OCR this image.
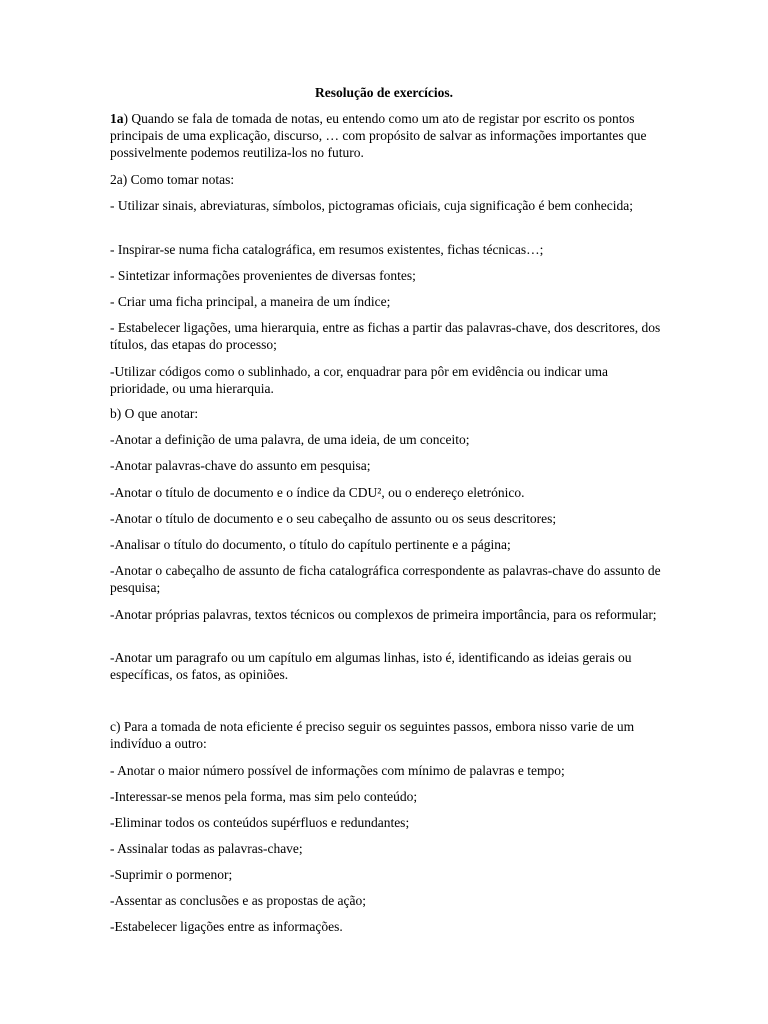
Resolução de exercícios.

1a) Quando se fala de tomada de notas, eu entendo como um ato de registar por escrito os pontos principais de uma explicação, discurso, … com propósito de salvar as informações importantes que possivelmente podemos reutiliza-los no futuro.

2a) Como tomar notas:

- Utilizar sinais, abreviaturas, símbolos, pictogramas oficiais, cuja significação é bem conhecida;

- Inspirar-se numa ficha catalográfica, em resumos existentes, fichas técnicas…;

- Sintetizar informações provenientes de diversas fontes;

- Criar uma ficha principal, a maneira de um índice;

- Estabelecer ligações, uma hierarquia, entre as fichas a partir das palavras-chave, dos descritores, dos títulos, das etapas do processo;

-Utilizar códigos como o sublinhado, a cor, enquadrar para pôr em evidência ou indicar uma prioridade, ou uma hierarquia.

b) O que anotar:

-Anotar a definição de uma palavra, de uma ideia, de um conceito;

-Anotar palavras-chave do assunto em pesquisa;

-Anotar o título de documento e o índice da CDU², ou o endereço eletrónico.

-Anotar o título de documento e o seu cabeçalho de assunto ou os seus descritores;

-Analisar o título do documento, o título do capítulo pertinente e a página;

-Anotar o cabeçalho de assunto de ficha catalográfica correspondente as palavras-chave do assunto de pesquisa;

-Anotar próprias palavras, textos técnicos ou complexos de primeira importância, para os reformular;

-Anotar um paragrafo ou um capítulo em algumas linhas, isto é, identificando as ideias gerais ou específicas, os fatos, as opiniões.

c) Para a tomada de nota eficiente é preciso seguir os seguintes passos, embora nisso varie de um indivíduo a outro:

- Anotar o maior número possível de informações com mínimo de palavras e tempo;

-Interessar-se menos pela forma, mas sim pelo conteúdo;

-Eliminar todos os conteúdos supérfluos e redundantes;

- Assinalar todas as palavras-chave;

-Suprimir o pormenor;

-Assentar as conclusões e as propostas de ação;

-Estabelecer ligações entre as informações.
